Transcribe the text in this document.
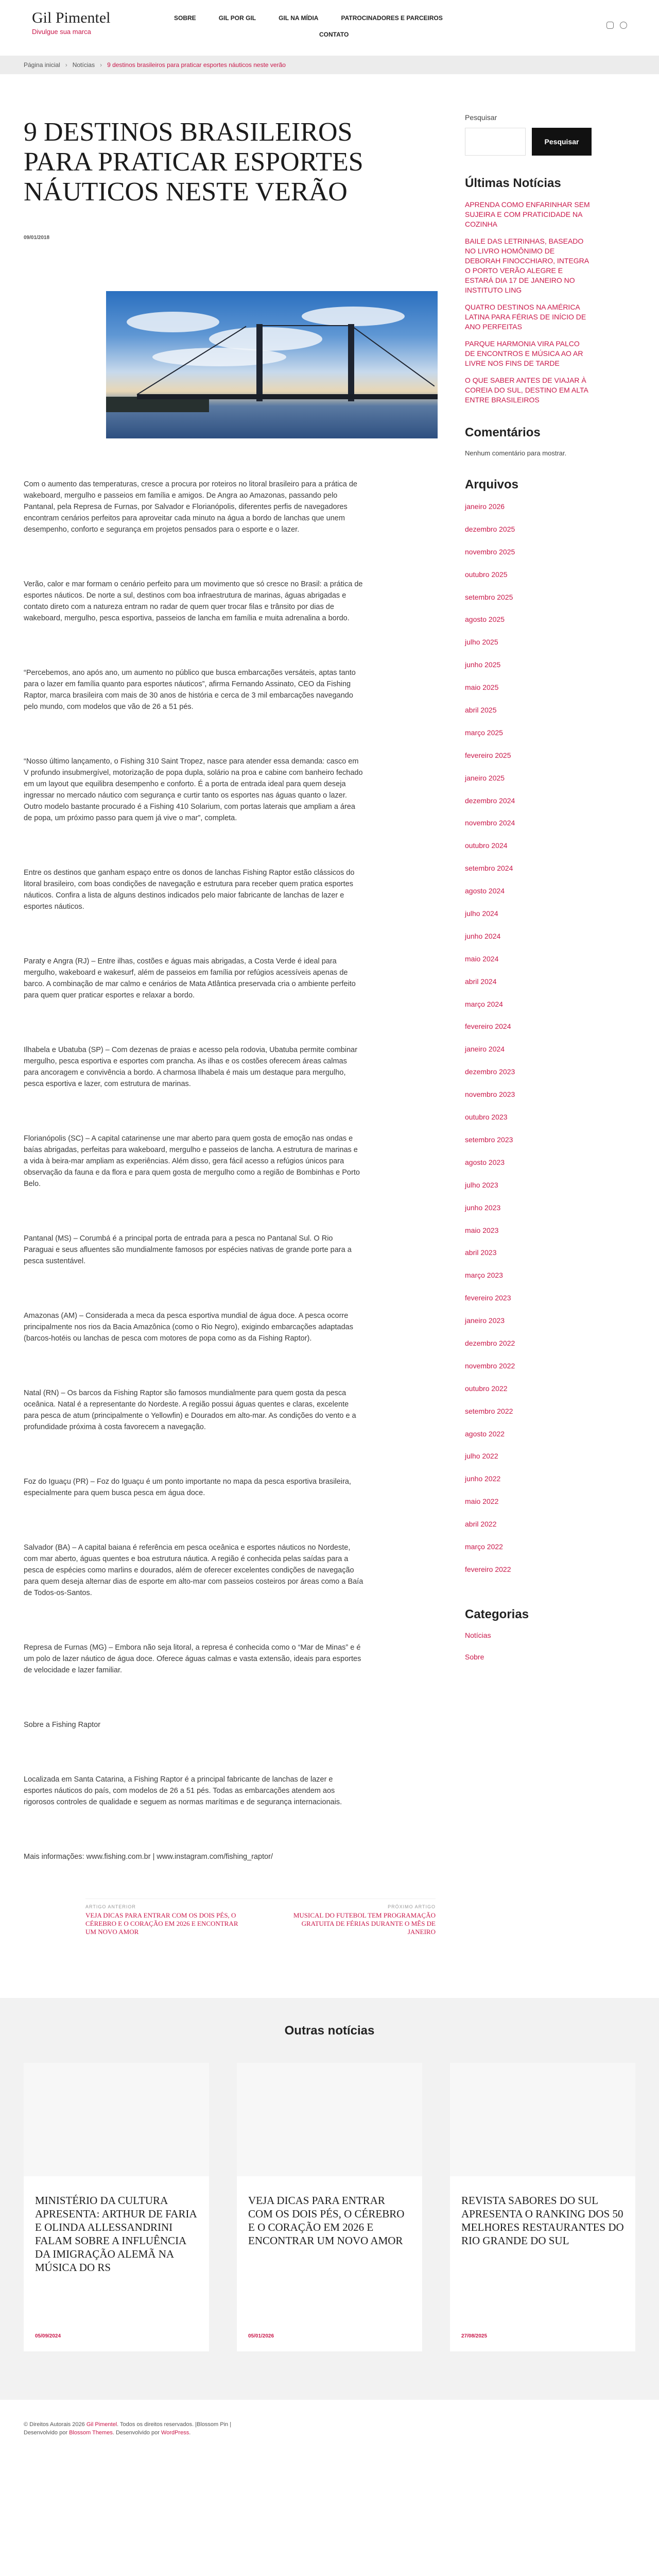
Gil Pimentel
Divulgue sua marca
SOBRE	GIL POR GIL	GIL NA MÍDIA	PATROCINADORES E PARCEIROS
CONTATO
Página inicial › Notícias › 9 destinos brasileiros para praticar esportes náuticos neste verão
9 DESTINOS BRASILEIROS PARA PRATICAR ESPORTES NÁUTICOS NESTE VERÃO
09/01/2018

Com o aumento das temperaturas, cresce a procura por roteiros no litoral brasileiro para a prática de wakeboard, mergulho e passeios em família e amigos. De Angra ao Amazonas, passando pelo Pantanal, pela Represa de Furnas, por Salvador e Florianópolis, diferentes perfis de navegadores encontram cenários perfeitos para aproveitar cada minuto na água a bordo de lanchas que unem desempenho, conforto e segurança em projetos pensados para o esporte e o lazer.

Verão, calor e mar formam o cenário perfeito para um movimento que só cresce no Brasil: a prática de esportes náuticos. De norte a sul, destinos com boa infraestrutura de marinas, águas abrigadas e contato direto com a natureza entram no radar de quem quer trocar filas e trânsito por dias de wakeboard, mergulho, pesca esportiva, passeios de lancha em família e muita adrenalina a bordo.

“Percebemos, ano após ano, um aumento no público que busca embarcações versáteis, aptas tanto para o lazer em família quanto para esportes náuticos”, afirma Fernando Assinato, CEO da Fishing Raptor, marca brasileira com mais de 30 anos de história e cerca de 3 mil embarcações navegando pelo mundo, com modelos que vão de 26 a 51 pés.

“Nosso último lançamento, o Fishing 310 Saint Tropez, nasce para atender essa demanda: casco em V profundo insubmergível, motorização de popa dupla, solário na proa e cabine com banheiro fechado em um layout que equilibra desempenho e conforto. É a porta de entrada ideal para quem deseja ingressar no mercado náutico com segurança e curtir tanto os esportes nas águas quanto o lazer. Outro modelo bastante procurado é a Fishing 410 Solarium, com portas laterais que ampliam a área de popa, um próximo passo para quem já vive o mar”, completa.

Entre os destinos que ganham espaço entre os donos de lanchas Fishing Raptor estão clássicos do litoral brasileiro, com boas condições de navegação e estrutura para receber quem pratica esportes náuticos. Confira a lista de alguns destinos indicados pelo maior fabricante de lanchas de lazer e esportes náuticos.

Paraty e Angra (RJ) – Entre ilhas, costões e águas mais abrigadas, a Costa Verde é ideal para mergulho, wakeboard e wakesurf, além de passeios em família por refúgios acessíveis apenas de barco. A combinação de mar calmo e cenários de Mata Atlântica preservada cria o ambiente perfeito para quem quer praticar esportes e relaxar a bordo.

Ilhabela e Ubatuba (SP) – Com dezenas de praias e acesso pela rodovia, Ubatuba permite combinar mergulho, pesca esportiva e esportes com prancha. As ilhas e os costões oferecem áreas calmas para ancoragem e convivência a bordo. A charmosa Ilhabela é mais um destaque para mergulho, pesca esportiva e lazer, com estrutura de marinas.

Florianópolis (SC) – A capital catarinense une mar aberto para quem gosta de emoção nas ondas e baías abrigadas, perfeitas para wakeboard, mergulho e passeios de lancha. A estrutura de marinas e a vida à beira-mar ampliam as experiências. Além disso, gera fácil acesso a refúgios únicos para observação da fauna e da flora e para quem gosta de mergulho como a região de Bombinhas e Porto Belo.

Pantanal (MS) – Corumbá é a principal porta de entrada para a pesca no Pantanal Sul. O Rio Paraguai e seus afluentes são mundialmente famosos por espécies nativas de grande porte para a pesca sustentável.

Amazonas (AM) – Considerada a meca da pesca esportiva mundial de água doce. A pesca ocorre principalmente nos rios da Bacia Amazônica (como o Rio Negro), exigindo embarcações adaptadas (barcos-hotéis ou lanchas de pesca com motores de popa como as da Fishing Raptor).

Natal (RN) – Os barcos da Fishing Raptor são famosos mundialmente para quem gosta da pesca oceânica. Natal é a representante do Nordeste. A região possui águas quentes e claras, excelente para pesca de atum (principalmente o Yellowfin) e Dourados em alto-mar. As condições do vento e a profundidade próxima à costa favorecem a navegação.

Foz do Iguaçu (PR) – Foz do Iguaçu é um ponto importante no mapa da pesca esportiva brasileira, especialmente para quem busca pesca em água doce.

Salvador (BA) – A capital baiana é referência em pesca oceânica e esportes náuticos no Nordeste, com mar aberto, águas quentes e boa estrutura náutica. A região é conhecida pelas saídas para a pesca de espécies como marlins e dourados, além de oferecer excelentes condições de navegação para quem deseja alternar dias de esporte em alto-mar com passeios costeiros por áreas como a Baía de Todos-os-Santos.

Represa de Furnas (MG) – Embora não seja litoral, a represa é conhecida como o “Mar de Minas” e é um polo de lazer náutico de água doce. Oferece águas calmas e vasta extensão, ideais para esportes de velocidade e lazer familiar.

Sobre a Fishing Raptor

Localizada em Santa Catarina, a Fishing Raptor é a principal fabricante de lanchas de lazer e esportes náuticos do país, com modelos de 26 a 51 pés. Todas as embarcações atendem aos rigorosos controles de qualidade e seguem as normas marítimas e de segurança internacionais.

Mais informações: www.fishing.com.br | www.instagram.com/fishing_raptor/

ARTIGO ANTERIOR
VEJA DICAS PARA ENTRAR COM OS DOIS PÉS, O CÉREBRO E O CORAÇÃO EM 2026 E ENCONTRAR UM NOVO AMOR
PRÓXIMO ARTIGO
MUSICAL DO FUTEBOL TEM PROGRAMAÇÃO GRATUITA DE FÉRIAS DURANTE O MÊS DE JANEIRO
Pesquisar
Pesquisar
Últimas Notícias
APRENDA COMO ENFARINHAR SEM SUJEIRA E COM PRATICIDADE NA COZINHA
BAILE DAS LETRINHAS, BASEADO NO LIVRO HOMÔNIMO DE DEBORAH FINOCCHIARO, INTEGRA O PORTO VERÃO ALEGRE E ESTARÁ DIA 17 DE JANEIRO NO INSTITUTO LING
QUATRO DESTINOS NA AMÉRICA LATINA PARA FÉRIAS DE INÍCIO DE ANO PERFEITAS
PARQUE HARMONIA VIRA PALCO DE ENCONTROS E MÚSICA AO AR LIVRE NOS FINS DE TARDE
O QUE SABER ANTES DE VIAJAR À COREIA DO SUL, DESTINO EM ALTA ENTRE BRASILEIROS
Comentários

Nenhum comentário para mostrar.

Arquivos
janeiro 2026
dezembro 2025
novembro 2025
outubro 2025
setembro 2025
agosto 2025
julho 2025
junho 2025
maio 2025
abril 2025
março 2025
fevereiro 2025
janeiro 2025
dezembro 2024
novembro 2024
outubro 2024
setembro 2024
agosto 2024
julho 2024
junho 2024
maio 2024
abril 2024
março 2024
fevereiro 2024
janeiro 2024
dezembro 2023
novembro 2023
outubro 2023
setembro 2023
agosto 2023
julho 2023
junho 2023
maio 2023
abril 2023
março 2023
fevereiro 2023
janeiro 2023
dezembro 2022
novembro 2022
outubro 2022
setembro 2022
agosto 2022
julho 2022
junho 2022
maio 2022
abril 2022
março 2022
fevereiro 2022
Categorias
Notícias
Sobre
Outras notícias
MINISTÉRIO DA CULTURA APRESENTA: ARTHUR DE FARIA E OLINDA ALLESSANDRINI FALAM SOBRE A INFLUÊNCIA DA IMIGRAÇÃO ALEMÃ NA MÚSICA DO RS
05/09/2024
VEJA DICAS PARA ENTRAR COM OS DOIS PÉS, O CÉREBRO E O CORAÇÃO EM 2026 E ENCONTRAR UM NOVO AMOR
05/01/2026
REVISTA SABORES DO SUL APRESENTA O RANKING DOS 50 MELHORES RESTAURANTES DO RIO GRANDE DO SUL
27/08/2025
© Direitos Autorais 2026 Gil Pimentel. Todos os direitos reservados. |Blossom Pin |
Desenvolvido por Blossom Themes. Desenvolvido por WordPress.
